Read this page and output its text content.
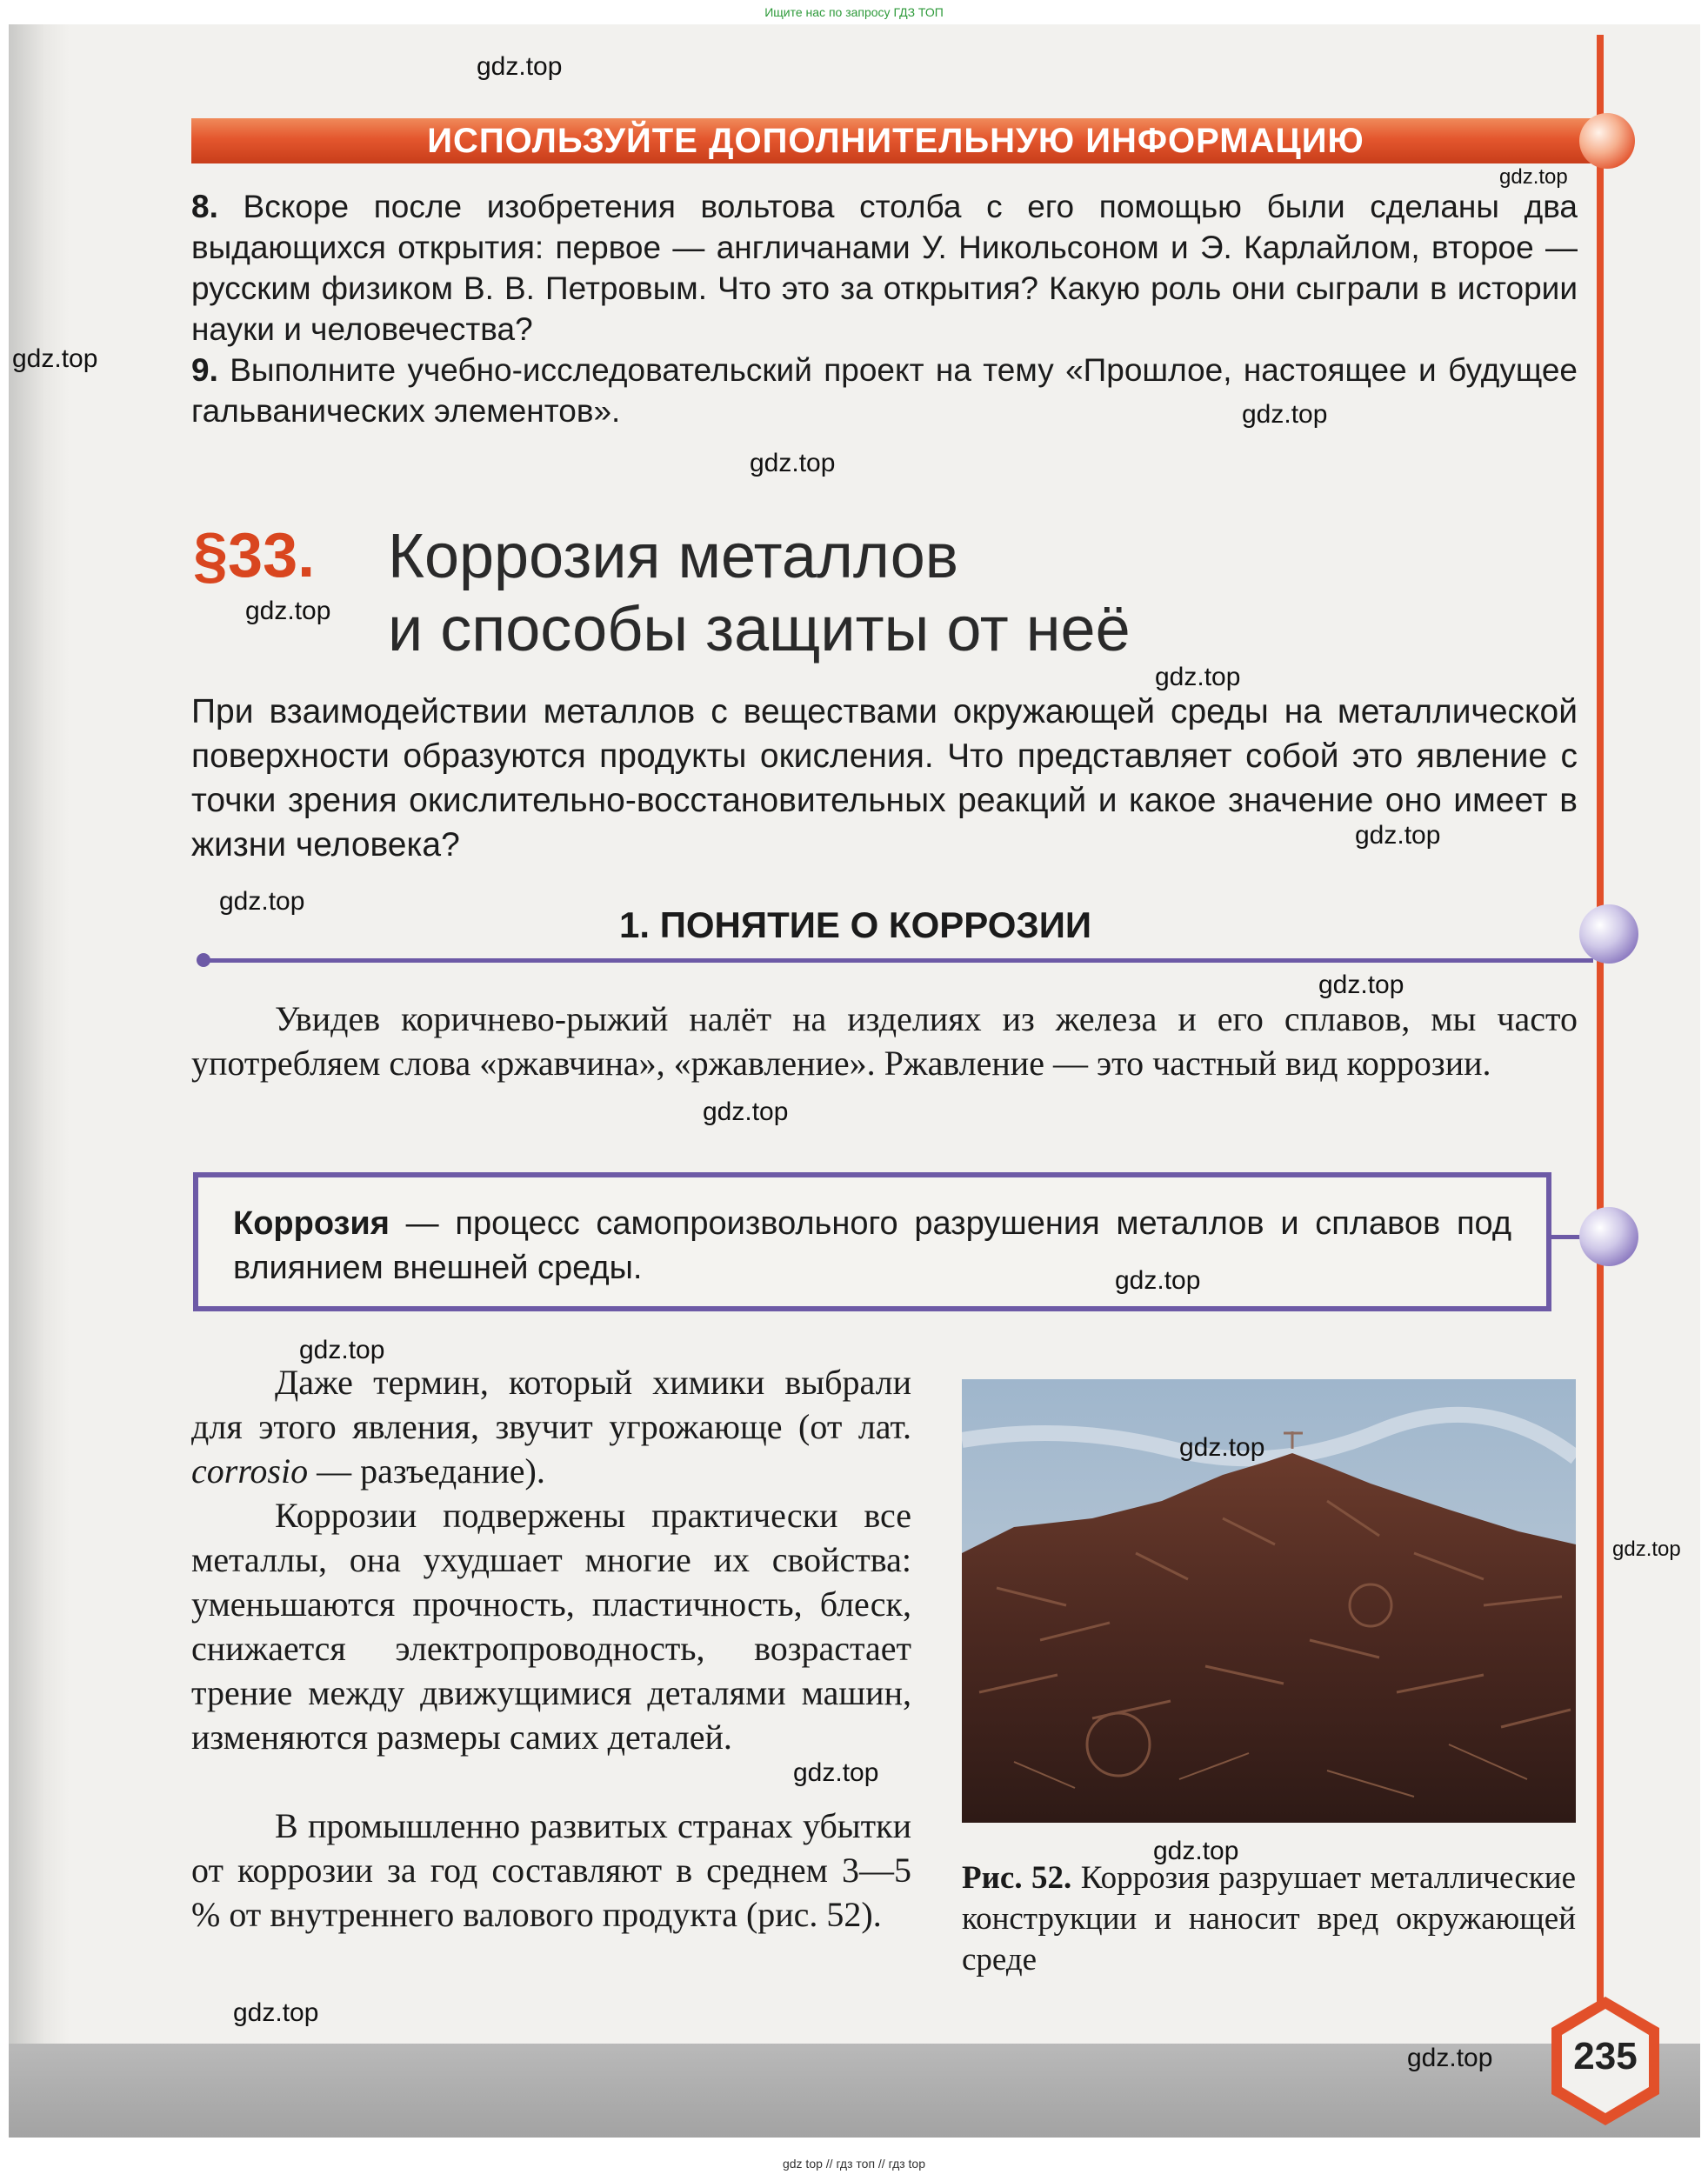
Ищите нас по запросу ГДЗ ТОП
ИСПОЛЬЗУЙТЕ ДОПОЛНИТЕЛЬНУЮ ИНФОРМАЦИЮ
8. Вскоре после изобретения вольтова столба с его помощью были сделаны два выдающихся открытия: первое — англичанами У. Никольсоном и Э. Карлайлом, второе — русским физиком В. В. Петровым. Что это за открытия? Какую роль они сыграли в истории науки и человечества?
9. Выполните учебно-исследовательский проект на тему «Прошлое, настоящее и будущее гальванических элементов».
§33. Коррозия металлов
и способы защиты от неё
При взаимодействии металлов с веществами окружающей среды на металлической поверхности образуются продукты окисления. Что представляет собой это явление с точки зрения окислительно-восстановительных реакций и какое значение оно имеет в жизни человека?
1. ПОНЯТИЕ О КОРРОЗИИ
Увидев коричнево-рыжий налёт на изделиях из железа и его сплавов, мы часто употребляем слова «ржавчина», «ржавление». Ржавление — это частный вид коррозии.
Коррозия — процесс самопроизвольного разрушения металлов и сплавов под влиянием внешней среды.
Даже термин, который химики выбрали для этого явления, звучит угрожающе (от лат. corrosio — разъедание).
Коррозии подвержены практически все металлы, она ухудшает многие их свойства: уменьшаются прочность, пластичность, блеск, снижается электропроводность, возрастает трение между движущимися деталями машин, изменяются размеры самих деталей.
В промышленно развитых странах убытки от коррозии за год составляют в среднем 3—5 % от внутреннего валового продукта (рис. 52).
Рис. 52. Коррозия разрушает металлические конструкции и наносит вред окружающей среде
235
gdz.top
gdz.top
gdz.top
gdz.top
gdz.top
gdz.top
gdz.top
gdz.top
gdz.top
gdz.top
gdz.top
gdz.top
gdz.top
gdz.top
gdz.top
gdz.top
gdz.top
gdz.top
gdz.top
gdz top // гдз топ // гдз top
